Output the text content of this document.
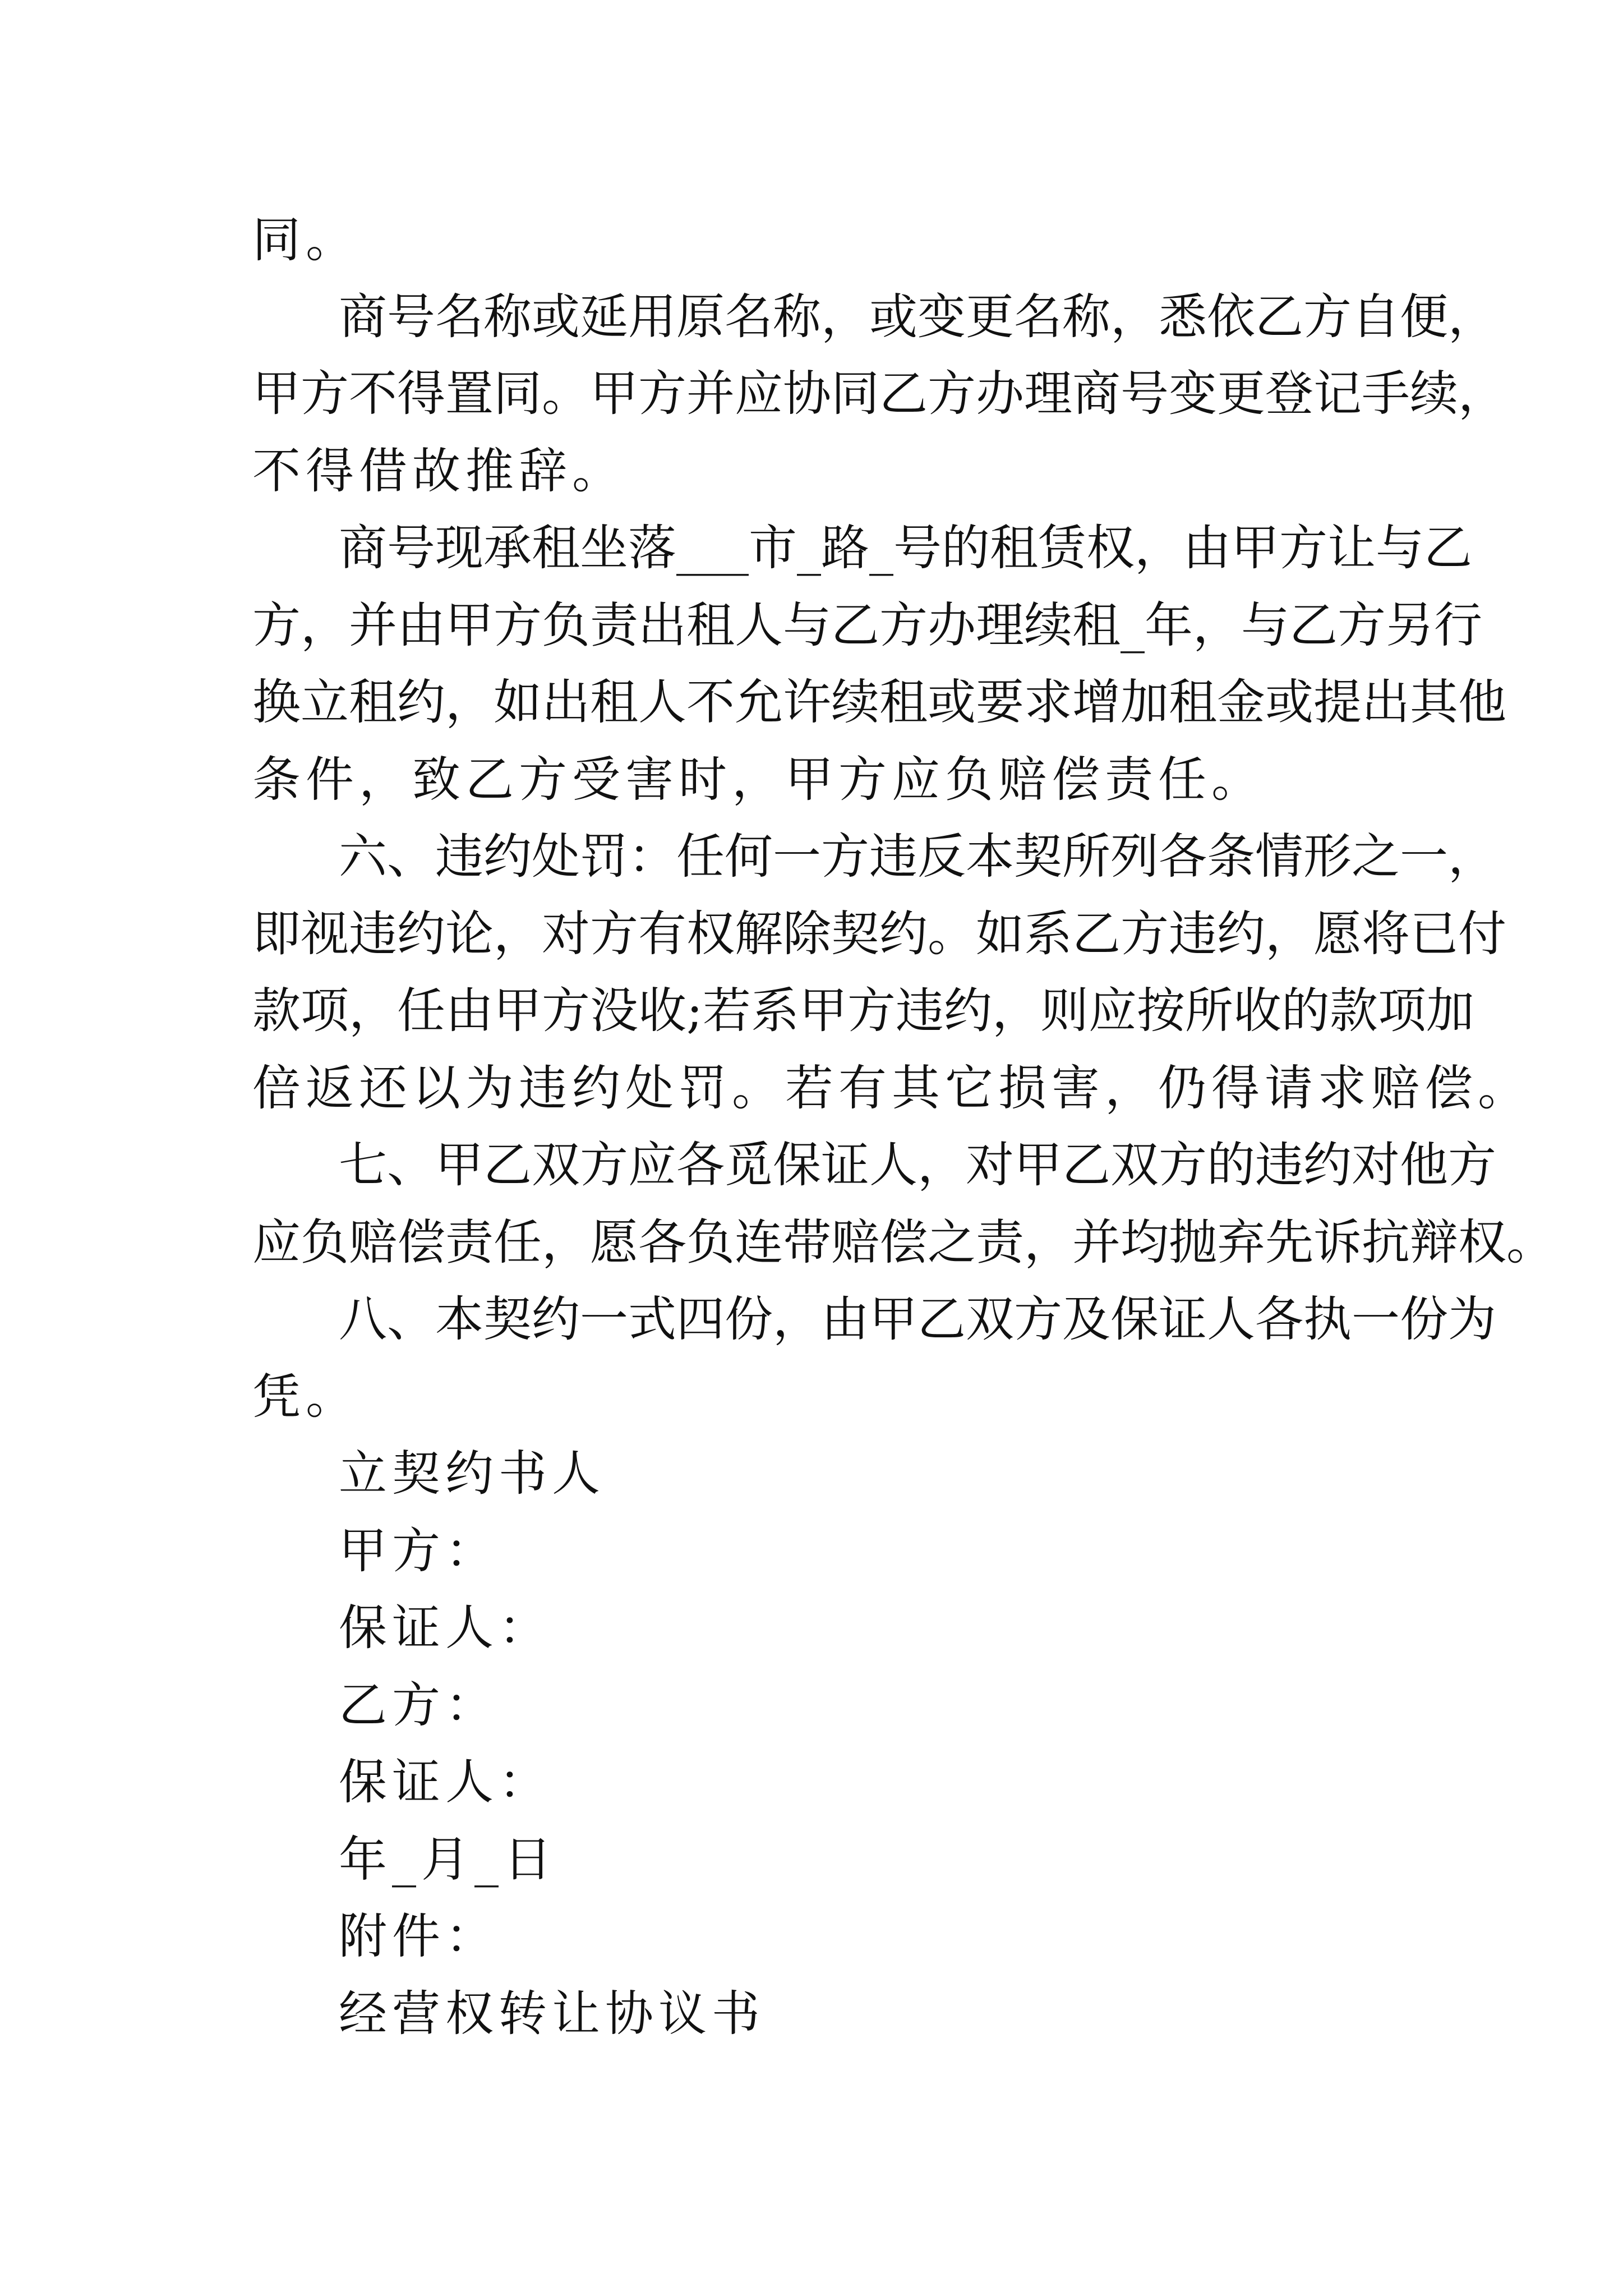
同。

商号名称或延用原名称，或变更名称，悉依乙方自便，

甲方不得置同。甲方并应协同乙方办理商号变更登记手续，

不得借故推辞。

商号现承租坐落___市_路_号的租赁权，由甲方让与乙

方，并由甲方负责出租人与乙方办理续租_年，与乙方另行

换立租约，如出租人不允许续租或要求增加租金或提出其他

条件，致乙方受害时，甲方应负赔偿责任。

六、违约处罚：任何一方违反本契所列各条情形之一，

即视违约论，对方有权解除契约。如系乙方违约，愿将已付

款项，任由甲方没收;若系甲方违约，则应按所收的款项加

倍返还以为违约处罚。若有其它损害，仍得请求赔偿。

七、甲乙双方应各觅保证人，对甲乙双方的违约对他方

应负赔偿责任，愿各负连带赔偿之责，并均抛弃先诉抗辩权。

八、本契约一式四份，由甲乙双方及保证人各执一份为

凭。

立契约书人

甲方：

保证人：

乙方：

保证人：

年_月_日

附件：

经营权转让协议书
